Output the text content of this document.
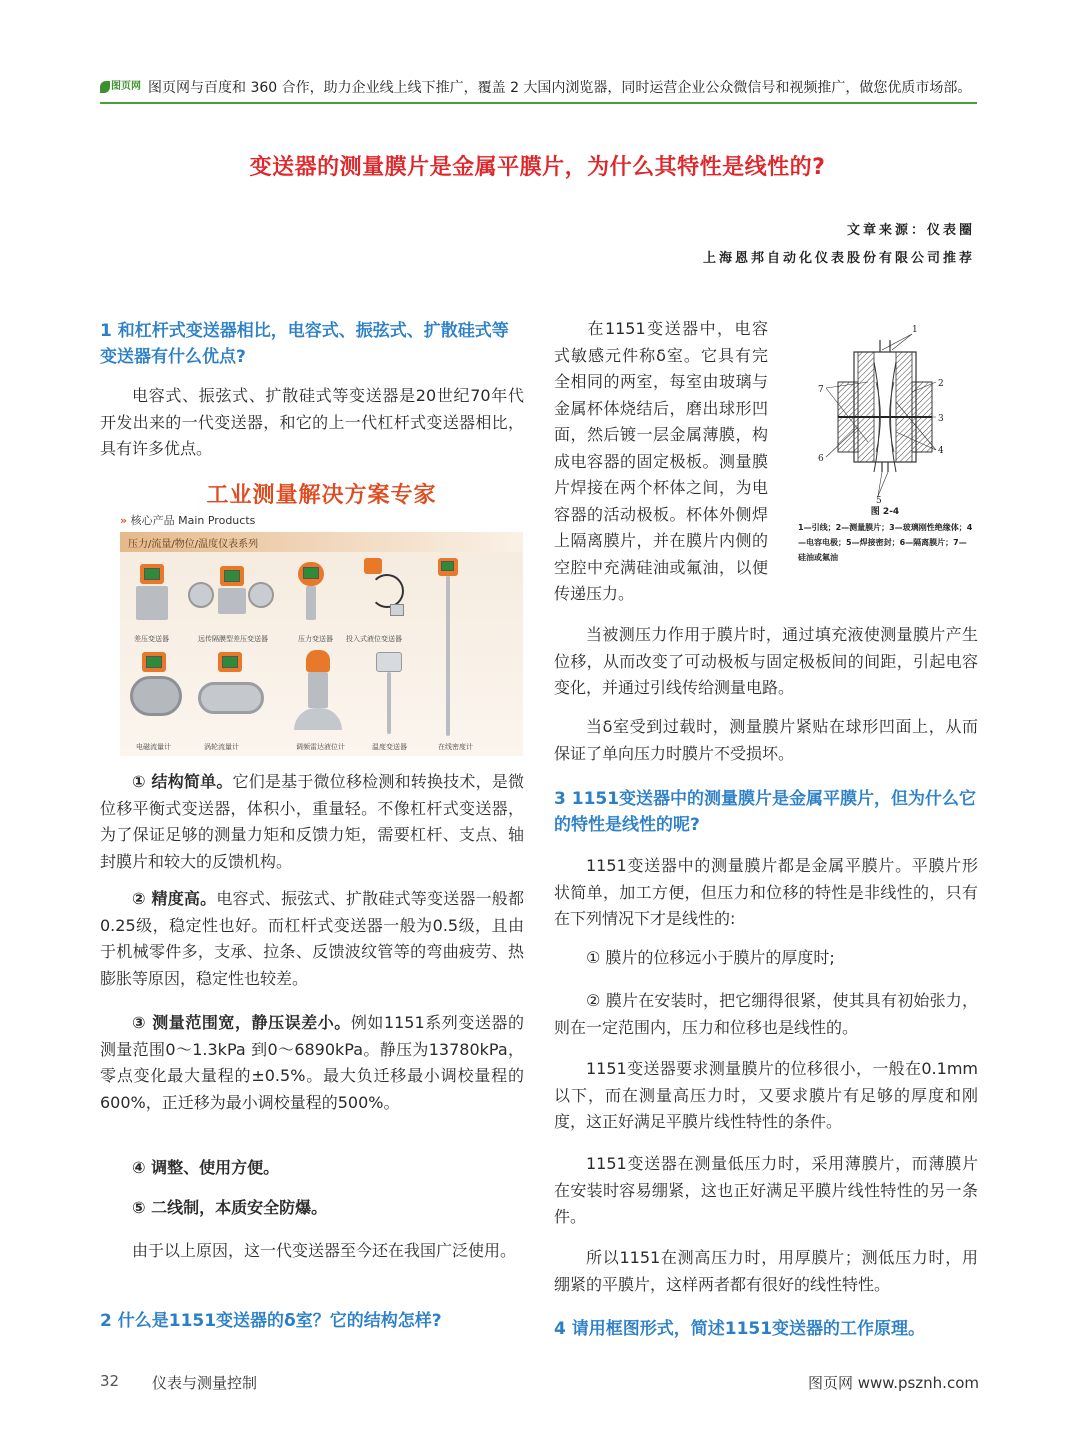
图页网 图页网与百度和 360 合作，助力企业线上线下推广，覆盖 2 大国内浏览器，同时运营企业公众微信号和视频推广，做您优质市场部。
变送器的测量膜片是金属平膜片，为什么其特性是线性的?
文章来源：仪表圈
上海恩邦自动化仪表股份有限公司推荐
1 和杠杆式变送器相比，电容式、振弦式、扩散硅式等变送器有什么优点?
电容式、振弦式、扩散硅式等变送器是20世纪70年代开发出来的一代变送器，和它的上一代杠杆式变送器相比，具有许多优点。
工业测量解决方案专家
» 核心产品 Main Products
压力/流量/物位/温度仪表系列
差压变送器	远传隔膜型差压变送器	压力变送器 投入式液位变送器
在线密度计
电磁流量计	涡轮流量计	调频雷达液位计	温度变送器
① 结构简单。它们是基于微位移检测和转换技术，是微位移平衡式变送器，体积小，重量轻。不像杠杆式变送器，为了保证足够的测量力矩和反馈力矩，需要杠杆、支点、轴封膜片和较大的反馈机构。
② 精度高。电容式、振弦式、扩散硅式等变送器一般都0.25级，稳定性也好。而杠杆式变送器一般为0.5级，且由于机械零件多，支承、拉条、反馈波纹管等的弯曲疲劳、热膨胀等原因，稳定性也较差。
③ 测量范围宽，静压误差小。例如1151系列变送器的测量范围0～1.3kPa 到0～6890kPa。静压为13780kPa，零点变化最大量程的±0.5%。最大负迁移最小调校量程的600%，正迁移为最小调校量程的500%。
④ 调整、使用方便。
⑤ 二线制，本质安全防爆。
由于以上原因，这一代变送器至今还在我国广泛使用。
2 什么是1151变送器的δ室？它的结构怎样?
在1151变送器中，电容式敏感元件称δ室。它具有完全相同的两室，每室由玻璃与金属杯体烧结后，磨出球形凹面，然后镀一层金属薄膜，构成电容器的固定极板。测量膜片焊接在两个杯体之间，为电容器的活动极板。杯体外侧焊上隔离膜片，并在膜片内侧的空腔中充满硅油或氟油，以便传递压力。
1
2
3
4
5
6
7
图 2-4
1—引线；2—测量膜片；3—玻璃刚性绝缘体；4—电容电极；5—焊接密封；6—隔离膜片；7—硅油或氟油
当被测压力作用于膜片时，通过填充液使测量膜片产生位移，从而改变了可动极板与固定极板间的间距，引起电容变化，并通过引线传给测量电路。
当δ室受到过载时，测量膜片紧贴在球形凹面上，从而保证了单向压力时膜片不受损坏。
3 1151变送器中的测量膜片是金属平膜片，但为什么它的特性是线性的呢?
1151变送器中的测量膜片都是金属平膜片。平膜片形状简单，加工方便，但压力和位移的特性是非线性的，只有在下列情况下才是线性的:
① 膜片的位移远小于膜片的厚度时;
② 膜片在安装时，把它绷得很紧，使其具有初始张力，则在一定范围内，压力和位移也是线性的。
1151变送器要求测量膜片的位移很小，一般在0.1mm以下，而在测量高压力时，又要求膜片有足够的厚度和刚度，这正好满足平膜片线性特性的条件。
1151变送器在测量低压力时，采用薄膜片，而薄膜片在安装时容易绷紧，这也正好满足平膜片线性特性的另一条件。
所以1151在测高压力时，用厚膜片；测低压力时，用绷紧的平膜片，这样两者都有很好的线性特性。
4 请用框图形式，简述1151变送器的工作原理。
32 仪表与测量控制	图页网 www.psznh.com
